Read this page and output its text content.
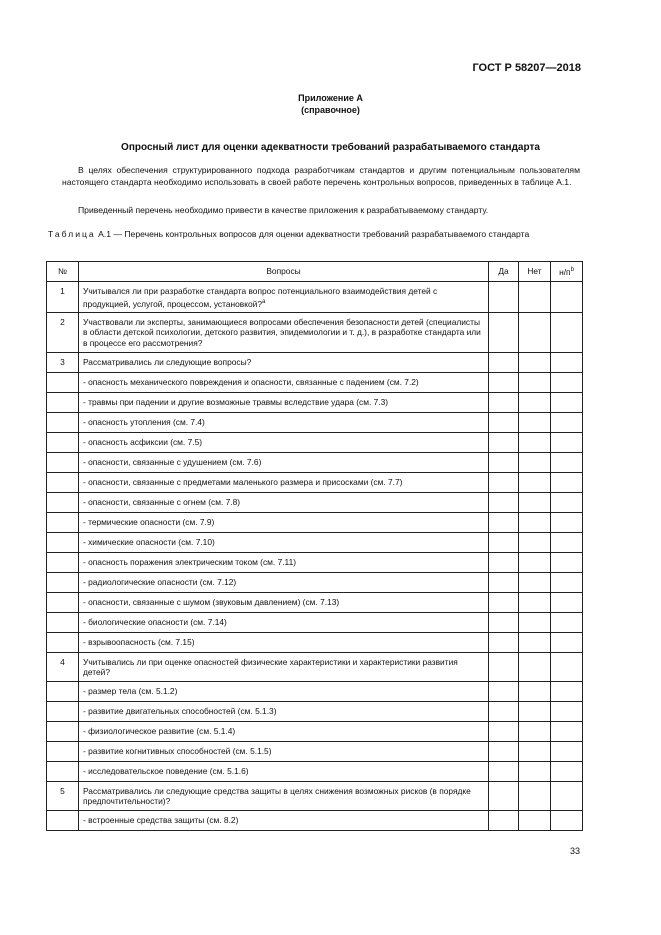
ГОСТ Р 58207—2018
Приложение А
(справочное)
Опросный лист для оценки адекватности требований разрабатываемого стандарта

В целях обеспечения структурированного подхода разработчикам стандартов и другим потенциальным пользователям настоящего стандарта необходимо использовать в своей работе перечень контрольных вопросов, приведенных в таблице А.1.

Приведенный перечень необходимо привести в качестве приложения к разрабатываемому стандарту.

Таблица А.1 — Перечень контрольных вопросов для оценки адекватности требований разрабатываемого стандарта
№	Вопросы	Да	Нет	$н/п^b$
1	Учитывался ли при разработке стандарта вопрос потенциального взаимодействия детей с продукцией, услугой, процессом, установкой?$^a$			
2	Участвовали ли эксперты, занимающиеся вопросами обеспечения безопасности детей (специалисты в области детской психологии, детского развития, эпидемиологии и т. д.), в разработке стандарта или в процессе его рассмотрения?			
3	Рассматривались ли следующие вопросы?			
	- опасность механического повреждения и опасности, связанные с падением (см. 7.2)			
	- травмы при падении и другие возможные травмы вследствие удара (см. 7.3)			
	- опасность утопления (см. 7.4)			
	- опасность асфиксии (см. 7.5)			
	- опасности, связанные с удушением (см. 7.6)			
	- опасности, связанные с предметами маленького размера и присосками (см. 7.7)			
	- опасности, связанные с огнем (см. 7.8)			
	- термические опасности (см. 7.9)			
	- химические опасности (см. 7.10)			
	- опасность поражения электрическим током (см. 7.11)			
	- радиологические опасности (см. 7.12)			
	- опасности, связанные с шумом (звуковым давлением) (см. 7.13)			
	- биологические опасности (см. 7.14)			
	- взрывоопасность (см. 7.15)			
4	Учитывались ли при оценке опасностей физические характеристики и характеристики развития детей?			
	- размер тела (см. 5.1.2)			
	- развитие двигательных способностей (см. 5.1.3)			
	- физиологическое развитие (см. 5.1.4)			
	- развитие когнитивных способностей (см. 5.1.5)			
	- исследовательское поведение (см. 5.1.6)			
5	Рассматривались ли следующие средства защиты в целях снижения возможных рисков (в порядке предпочтительности)?			
	- встроенные средства защиты (см. 8.2)			
33
